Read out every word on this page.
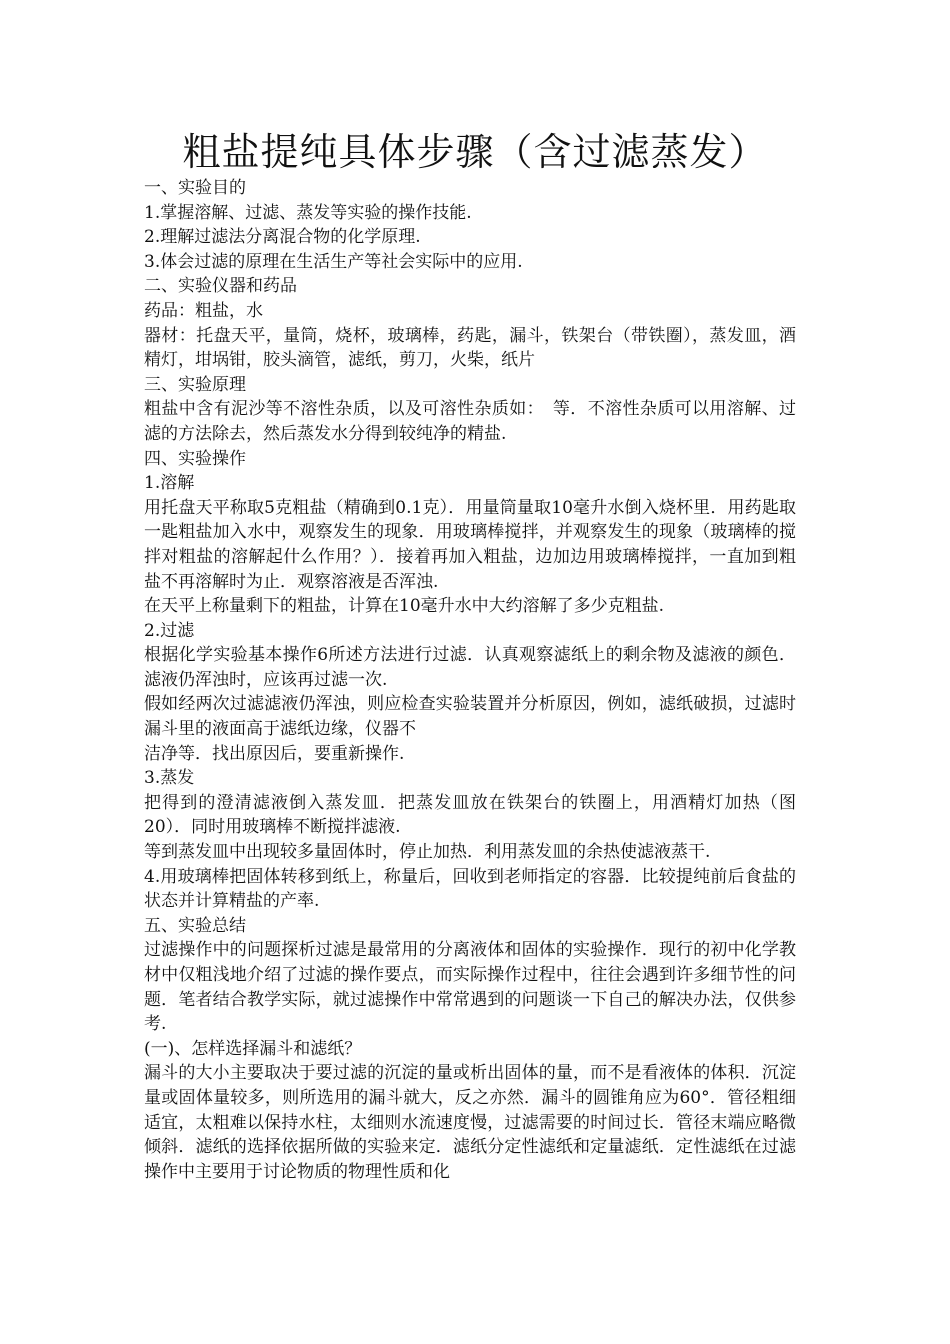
粗盐提纯具体步骤（含过滤蒸发）

一、实验目的

1.掌握溶解、过滤、蒸发等实验的操作技能.

2.理解过滤法分离混合物的化学原理.

3.体会过滤的原理在生活生产等社会实际中的应用.

二、实验仪器和药品

药品：粗盐，水

器材：托盘天平，量筒，烧杯，玻璃棒，药匙，漏斗，铁架台（带铁圈），蒸发皿，酒精灯，坩埚钳，胶头滴管，滤纸，剪刀，火柴，纸片

三、实验原理

粗盐中含有泥沙等不溶性杂质，以及可溶性杂质如：　等．不溶性杂质可以用溶解、过滤的方法除去，然后蒸发水分得到较纯净的精盐.

四、实验操作

1.溶解

用托盘天平称取5克粗盐（精确到0.1克）．用量筒量取10毫升水倒入烧杯里．用药匙取一匙粗盐加入水中，观察发生的现象．用玻璃棒搅拌，并观察发生的现象（玻璃棒的搅拌对粗盐的溶解起什么作用？）．接着再加入粗盐，边加边用玻璃棒搅拌，一直加到粗盐不再溶解时为止．观察溶液是否浑浊.

在天平上称量剩下的粗盐，计算在10毫升水中大约溶解了多少克粗盐.

2.过滤

根据化学实验基本操作6所述方法进行过滤．认真观察滤纸上的剩余物及滤液的颜色．滤液仍浑浊时，应该再过滤一次.

假如经两次过滤滤液仍浑浊，则应检查实验装置并分析原因，例如，滤纸破损，过滤时漏斗里的液面高于滤纸边缘，仪器不

洁净等．找出原因后，要重新操作.

3.蒸发

把得到的澄清滤液倒入蒸发皿．把蒸发皿放在铁架台的铁圈上，用酒精灯加热（图20）．同时用玻璃棒不断搅拌滤液.

等到蒸发皿中出现较多量固体时，停止加热．利用蒸发皿的余热使滤液蒸干.

4.用玻璃棒把固体转移到纸上，称量后，回收到老师指定的容器．比较提纯前后食盐的状态并计算精盐的产率.

五、实验总结

过滤操作中的问题探析过滤是最常用的分离液体和固体的实验操作．现行的初中化学教材中仅粗浅地介绍了过滤的操作要点，而实际操作过程中，往往会遇到许多细节性的问题．笔者结合教学实际，就过滤操作中常常遇到的问题谈一下自己的解决办法，仅供参考.

(一)、怎样选择漏斗和滤纸？

漏斗的大小主要取决于要过滤的沉淀的量或析出固体的量，而不是看液体的体积．沉淀量或固体量较多，则所选用的漏斗就大，反之亦然．漏斗的圆锥角应为60°．管径粗细适宜，太粗难以保持水柱，太细则水流速度慢，过滤需要的时间过长．管径末端应略微倾斜．滤纸的选择依据所做的实验来定．滤纸分定性滤纸和定量滤纸．定性滤纸在过滤操作中主要用于讨论物质的物理性质和化
